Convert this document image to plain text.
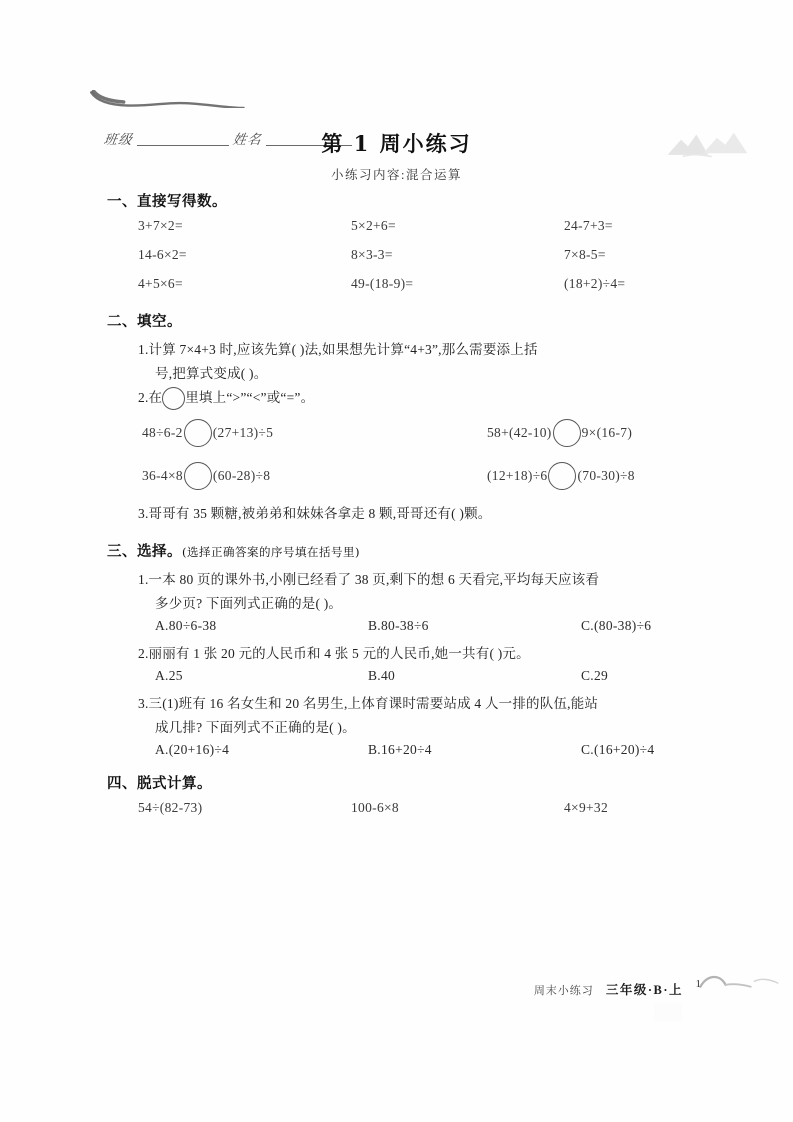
班级	姓名	第 1 周小练习
小练习内容:混合运算
一、直接写得数。
3+7×2=	5×2+6=	24-7+3=
14-6×2=	8×3-3=	7×8-5=
4+5×6=	49-(18-9)=	(18+2)÷4=
二、填空。
1.计算 7×4+3 时,应该先算( )法,如果想先计算“4+3”,那么需要添上括
号,把算式变成( )。
2.在 里填上“>”“<”或“=”。
48÷6-2 (27+13)÷5	58+(42-10) 9×(16-7)
36-4×8 (60-28)÷8	(12+18)÷6 (70-30)÷8
3.哥哥有 35 颗糖,被弟弟和妹妹各拿走 8 颗,哥哥还有( )颗。
三、选择。(选择正确答案的序号填在括号里)
1.一本 80 页的课外书,小刚已经看了 38 页,剩下的想 6 天看完,平均每天应该看
多少页? 下面列式正确的是( )。
A.80÷6-38	B.80-38÷6	C.(80-38)÷6
2.丽丽有 1 张 20 元的人民币和 4 张 5 元的人民币,她一共有( )元。
A.25	B.40	C.29
3.三(1)班有 16 名女生和 20 名男生,上体育课时需要站成 4 人一排的队伍,能站
成几排? 下面列式不正确的是( )。
A.(20+16)÷4	B.16+20÷4	C.(16+20)÷4
四、脱式计算。
54÷(82-73)	100-6×8	4×9+32
周末小练习 三年级·B·上 1
